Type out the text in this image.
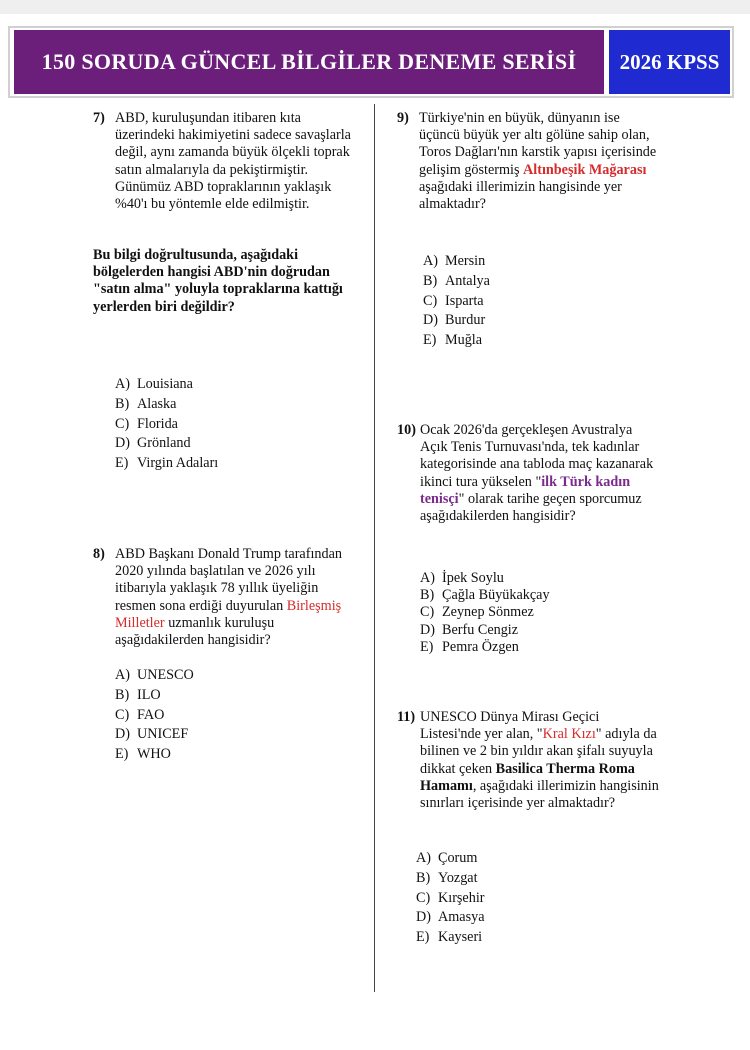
150 SORUDA GÜNCEL BİLGİLER DENEME SERİSİ 2026 KPSS
7) ABD, kuruluşundan itibaren kıta üzerindeki hakimiyetini sadece savaşlarla değil, aynı zamanda büyük ölçekli toprak satın almalarıyla da pekiştirmiştir. Günümüz ABD topraklarının yaklaşık %40'ı bu yöntemle elde edilmiştir.
Bu bilgi doğrultusunda, aşağıdaki bölgelerden hangisi ABD'nin doğrudan "satın alma" yoluyla topraklarına kattığı yerlerden biri değildir?
A) Louisiana
B) Alaska
C) Florida
D) Grönland
E) Virgin Adaları
8) ABD Başkanı Donald Trump tarafından 2020 yılında başlatılan ve 2026 yılı itibarıyla yaklaşık 78 yıllık üyeliğin resmen sona erdiği duyurulan Birleşmiş Milletler uzmanlık kuruluşu aşağıdakilerden hangisidir?
A) UNESCO
B) ILO
C) FAO
D) UNICEF
E) WHO
9) Türkiye'nin en büyük, dünyanın ise üçüncü büyük yer altı gölüne sahip olan, Toros Dağları'nın karstik yapısı içerisinde gelişim göstermiş Altınbeşik Mağarası aşağıdaki illerimizin hangisinde yer almaktadır?
A) Mersin
B) Antalya
C) Isparta
D) Burdur
E) Muğla
10) Ocak 2026'da gerçekleşen Avustralya Açık Tenis Turnuvası'nda, tek kadınlar kategorisinde ana tabloda maç kazanarak ikinci tura yükselen "ilk Türk kadın tenisçi" olarak tarihe geçen sporcumuz aşağıdakilerden hangisidir?
A) İpek Soylu
B) Çağla Büyükakçay
C) Zeynep Sönmez
D) Berfu Cengiz
E) Pemra Özgen
11) UNESCO Dünya Mirası Geçici Listesi'nde yer alan, "Kral Kızı" adıyla da bilinen ve 2 bin yıldır akan şifalı suyuyla dikkat çeken Basilica Therma Roma Hamamı, aşağıdaki illerimizin hangisinin sınırları içerisinde yer almaktadır?
A) Çorum
B) Yozgat
C) Kırşehir
D) Amasya
E) Kayseri
